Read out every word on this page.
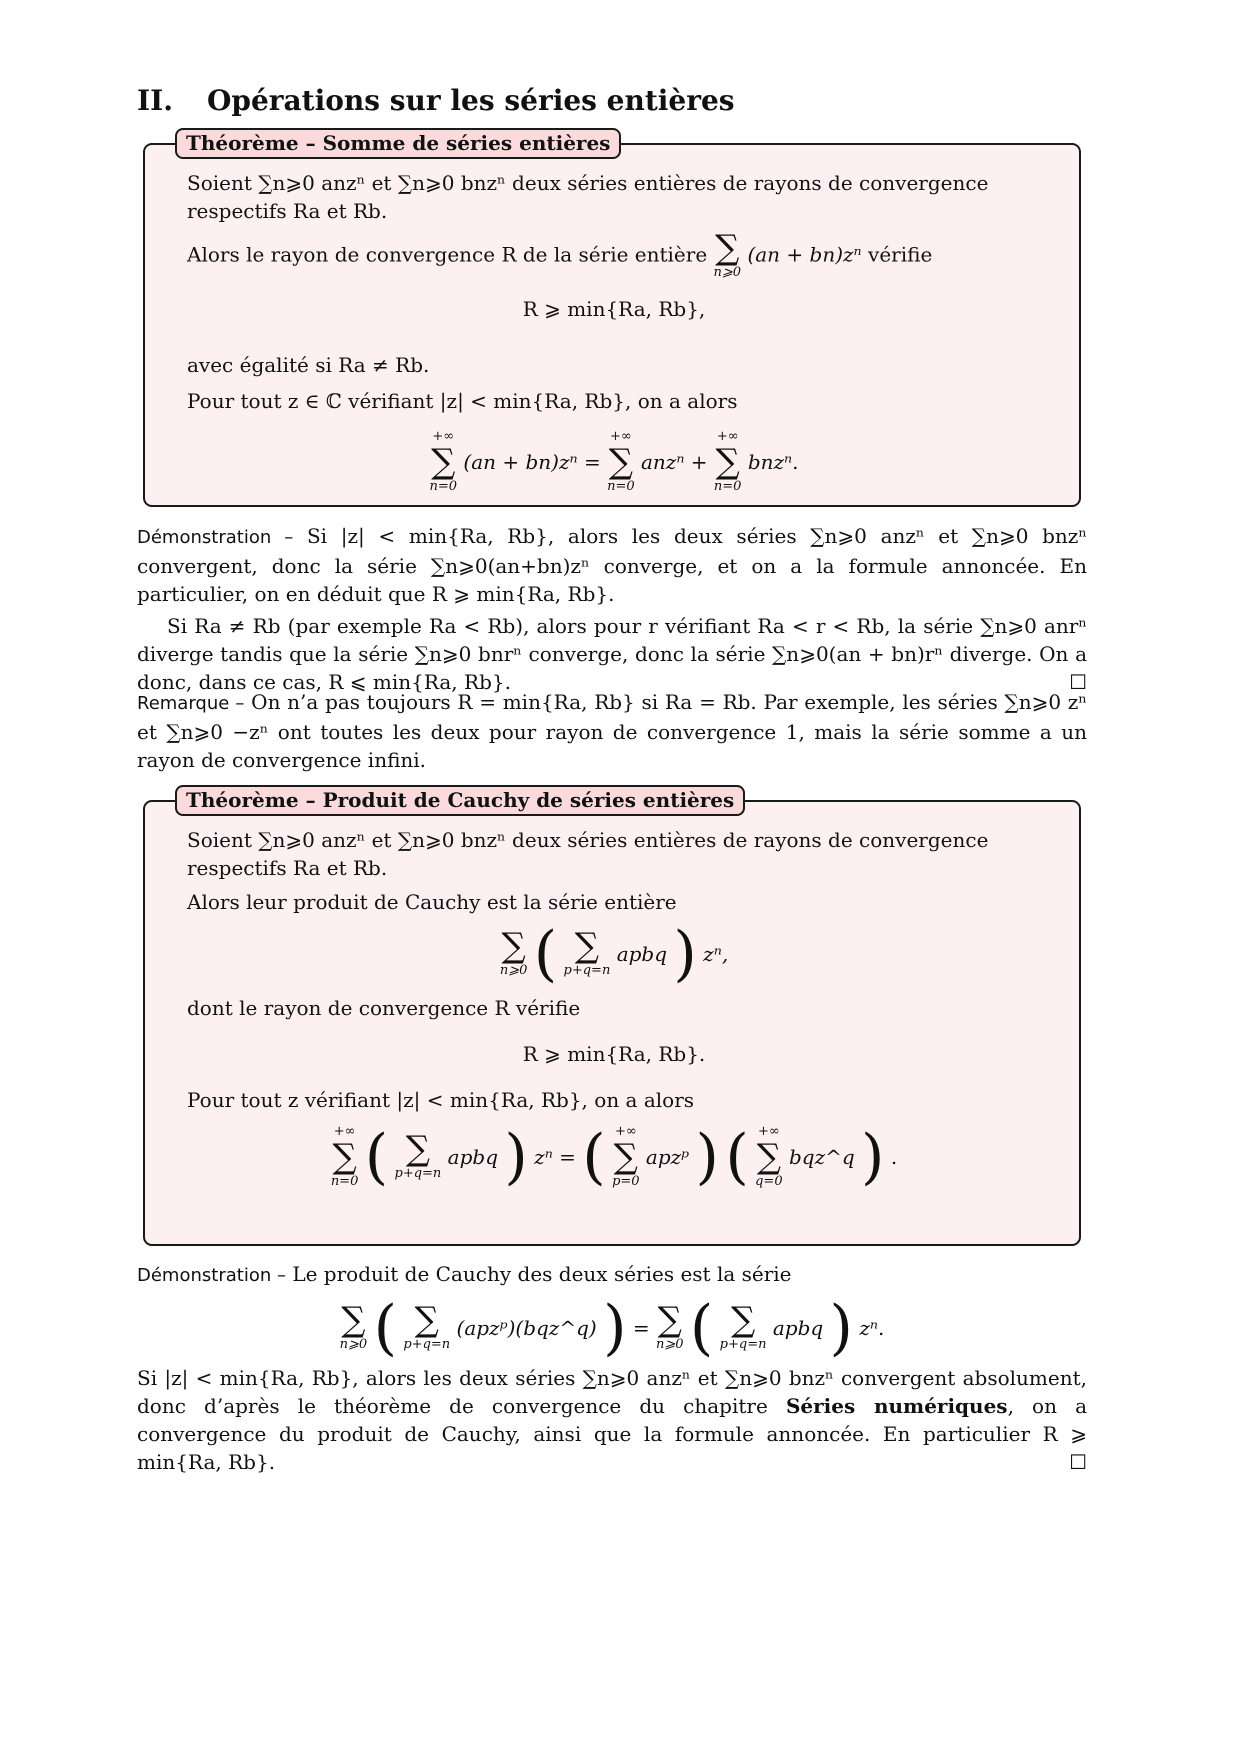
II. Opérations sur les séries entières
Théorème – Somme de séries entières

Soient ∑n⩾0 anzⁿ et ∑n⩾0 bnzⁿ deux séries entières de rayons de convergence respectifs Ra et Rb.

Alors le rayon de convergence R de la série entière ∑
n⩾0
(an + bn)zⁿ vérifie

R ⩾ min{Ra, Rb},

avec égalité si Ra ≠ Rb.

Pour tout z ∈ ℂ vérifiant |z| < min{Ra, Rb}, on a alors

+∞
∑
n=0
(an + bn)zⁿ =
+∞
∑
n=0
anzⁿ +
+∞
∑
n=0
bnzⁿ.

Démonstration – Si |z| < min{Ra, Rb}, alors les deux séries ∑n⩾0 anzⁿ et ∑n⩾0 bnzⁿ convergent, donc la série ∑n⩾0(an+bn)zⁿ converge, et on a la formule annoncée. En particulier, on en déduit que R ⩾ min{Ra, Rb}.

Si Ra ≠ Rb (par exemple Ra < Rb), alors pour r vérifiant Ra < r < Rb, la série ∑n⩾0 anrⁿ diverge tandis que la série ∑n⩾0 bnrⁿ converge, donc la série ∑n⩾0(an + bn)rⁿ diverge. On a donc, dans ce cas, R ⩽ min{Ra, Rb}.	☐

Remarque – On n’a pas toujours R = min{Ra, Rb} si Ra = Rb. Par exemple, les séries ∑n⩾0 zⁿ et ∑n⩾0 −zⁿ ont toutes les deux pour rayon de convergence 1, mais la série somme a un rayon de convergence infini.

Théorème – Produit de Cauchy de séries entières

Soient ∑n⩾0 anzⁿ et ∑n⩾0 bnzⁿ deux séries entières de rayons de convergence respectifs Ra et Rb.

Alors leur produit de Cauchy est la série entière

∑
n⩾0 ( ∑
p+q=n
apbq ) zⁿ,

dont le rayon de convergence R vérifie

R ⩾ min{Ra, Rb}.

Pour tout z vérifiant |z| < min{Ra, Rb}, on a alors

+∞
∑
n=0 ( ∑
p+q=n
apbq ) zⁿ = ( +∞
∑
p=0
apzᵖ ) ( +∞
∑
q=0
bqz^q ) .

Démonstration – Le produit de Cauchy des deux séries est la série

∑
n⩾0 ( ∑
p+q=n
(apzᵖ)(bqz^q) ) = ∑
n⩾0 ( ∑
p+q=n
apbq ) zⁿ.

Si |z| < min{Ra, Rb}, alors les deux séries ∑n⩾0 anzⁿ et ∑n⩾0 bnzⁿ convergent absolument, donc d’après le théorème de convergence du chapitre Séries numériques, on a convergence du produit de Cauchy, ainsi que la formule annoncée. En particulier R ⩾ min{Ra, Rb}.	☐
